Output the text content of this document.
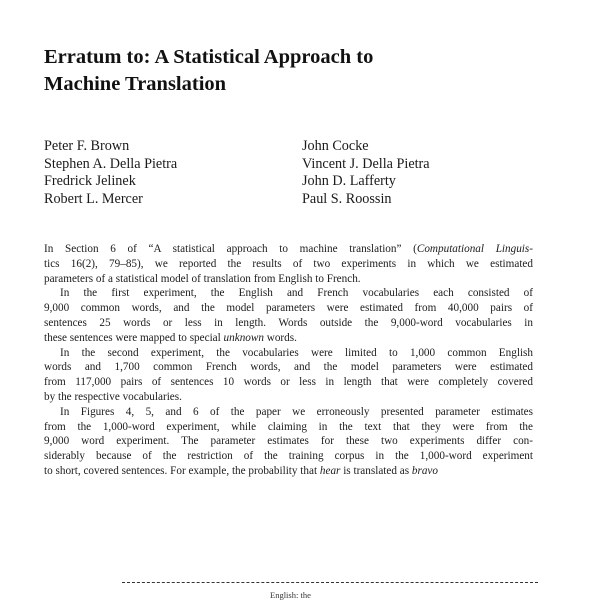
Erratum to: A Statistical Approach to
Machine Translation
Peter F. Brown
Stephen A. Della Pietra
Fredrick Jelinek
Robert L. Mercer
John Cocke
Vincent J. Della Pietra
John D. Lafferty
Paul S. Roossin
In Section 6 of “A statistical approach to machine translation” (Computational Linguis-
tics 16(2), 79–85), we reported the results of two experiments in which we estimated
parameters of a statistical model of translation from English to French.
In the first experiment, the English and French vocabularies each consisted of
9,000 common words, and the model parameters were estimated from 40,000 pairs of
sentences 25 words or less in length. Words outside the 9,000-word vocabularies in
these sentences were mapped to special unknown words.
In the second experiment, the vocabularies were limited to 1,000 common English
words and 1,700 common French words, and the model parameters were estimated
from 117,000 pairs of sentences 10 words or less in length that were completely covered
by the respective vocabularies.
In Figures 4, 5, and 6 of the paper we erroneously presented parameter estimates
from the 1,000-word experiment, while claiming in the text that they were from the
9,000 word experiment. The parameter estimates for these two experiments differ con-
siderably because of the restriction of the training corpus in the 1,000-word experiment
to short, covered sentences. For example, the probability that hear is translated as bravo
English: the
